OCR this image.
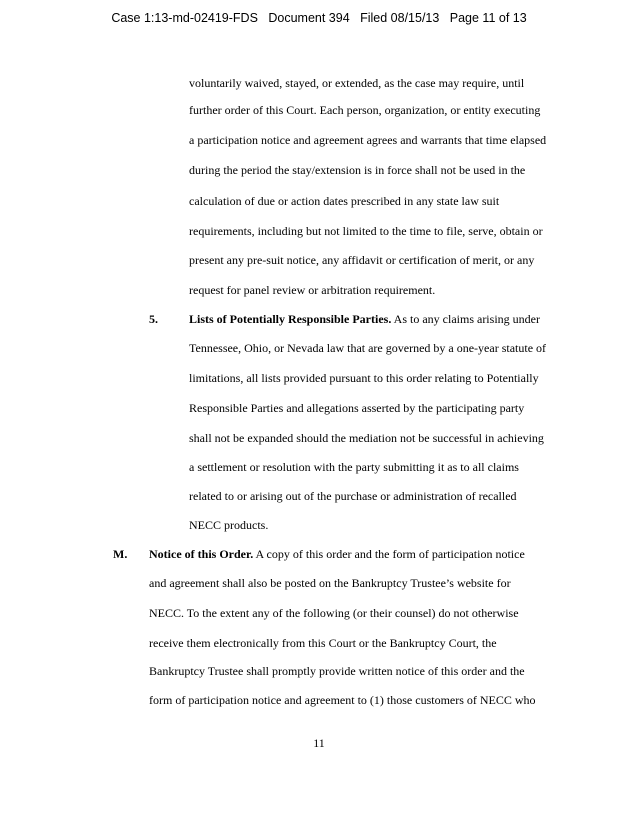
Case 1:13-md-02419-FDS Document 394 Filed 08/15/13 Page 11 of 13
voluntarily waived, stayed, or extended, as the case may require, until
further order of this Court. Each person, organization, or entity executing
a participation notice and agreement agrees and warrants that time elapsed
during the period the stay/extension is in force shall not be used in the
calculation of due or action dates prescribed in any state law suit
requirements, including but not limited to the time to file, serve, obtain or
present any pre-suit notice, any affidavit or certification of merit, or any
request for panel review or arbitration requirement.
5.	Lists of Potentially Responsible Parties. As to any claims arising under
Tennessee, Ohio, or Nevada law that are governed by a one-year statute of
limitations, all lists provided pursuant to this order relating to Potentially
Responsible Parties and allegations asserted by the participating party
shall not be expanded should the mediation not be successful in achieving
a settlement or resolution with the party submitting it as to all claims
related to or arising out of the purchase or administration of recalled
NECC products.
M. Notice of this Order. A copy of this order and the form of participation notice
and agreement shall also be posted on the Bankruptcy Trustee’s website for
NECC. To the extent any of the following (or their counsel) do not otherwise
receive them electronically from this Court or the Bankruptcy Court, the
Bankruptcy Trustee shall promptly provide written notice of this order and the
form of participation notice and agreement to (1) those customers of NECC who
11
